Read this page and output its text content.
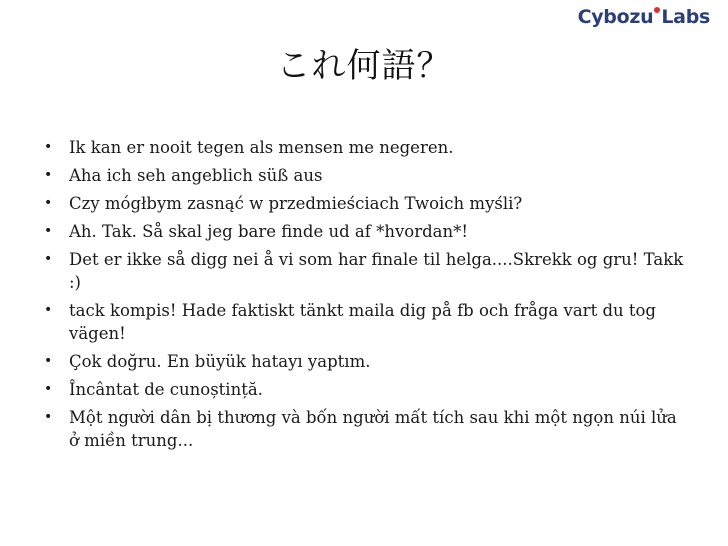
Cybozu Labs
これ何語？
• Ik kan er nooit tegen als mensen me negeren.
• Aha ich seh angeblich süß aus
• Czy mógłbym zasnąć w przedmieściach Twoich myśli?
• Ah. Tak. Så skal jeg bare finde ud af *hvordan*!
• Det er ikke så digg nei å vi som har finale til helga....Skrekk og gru! Takk :)
• tack kompis! Hade faktiskt tänkt maila dig på fb och fråga vart du tog vägen!
• Çok doğru. En büyük hatayı yaptım.
• Încântat de cunoștință.
• Một người dân bị thương và bốn người mất tích sau khi một ngọn núi lửa ở miền trung...
